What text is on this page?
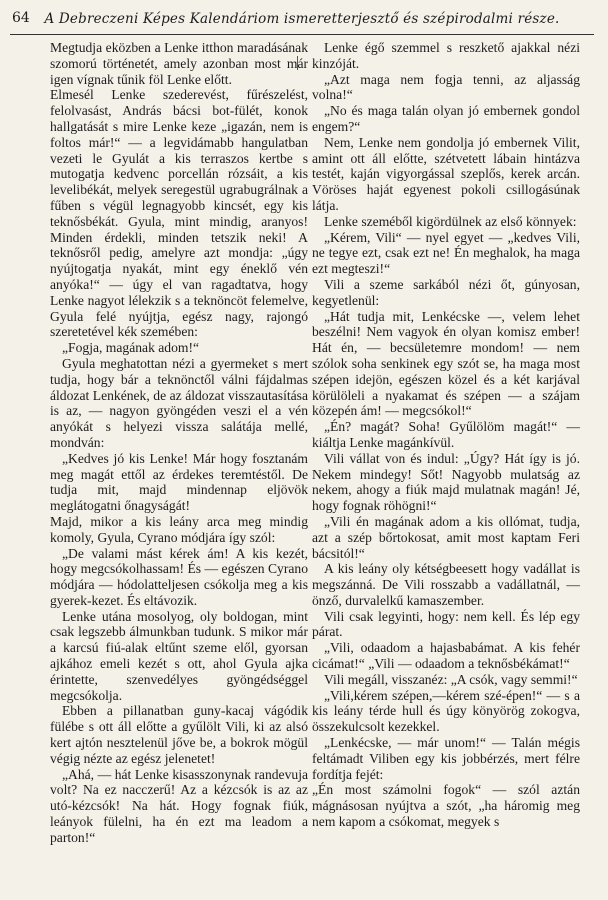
64	A Debreczeni Képes Kalendáriom ismeretterjesztő és szépirodalmi része.

Megtudja eközben a Lenke itthon maradásának szomorú történetét, amely azonban most már igen vígnak tűnik föl Lenke előtt.

Elmesél Lenke szederevést, fűrészelést, felolvasást, András bácsi bot-fülét, konok hallgatását s mire Lenke keze „igazán, nem is foltos már!“ — a legvidámabb hangulatban vezeti le Gyulát a kis terraszos kertbe s mutogatja kedvenc porcellán rózsáit, a kis levelibékát, melyek seregestül ugrabugrálnak a fűben s végül legnagyobb kincsét, egy kis teknősbékát. Gyula, mint mindig, aranyos! Minden érdekli, minden tetszik neki! A teknősről pedig, amelyre azt mondja: „úgy nyújtogatja nyakát, mint egy éneklő vén anyóka!“ — úgy el van ragadtatva, hogy Lenke nagyot lélekzik s a teknöncöt felemelve, Gyula felé nyújtja, egész nagy, rajongó szeretetével kék szemében:

„Fogja, magának adom!“

Gyula meghatottan nézi a gyermeket s mert tudja, hogy bár a teknönctől válni fájdalmas áldozat Lenkének, de az áldozat visszautasítása is az, — nagyon gyöngéden veszi el a vén anyókát s helyezi vissza salátája mellé, mondván:

„Kedves jó kis Lenke! Már hogy fosztanám meg magát ettől az érdekes teremtéstől. De tudja mit, majd mindennap eljövök meglátogatni őnagyságát!

Majd, mikor a kis leány arca meg mindig komoly, Gyula, Cyrano módjára így szól:

„De valami mást kérek ám! A kis kezét, hogy megcsókolhassam! És — egészen Cyrano módjára — hódolatteljesen csókolja meg a kis gyerek-kezet. És eltávozik.

Lenke utána mosolyog, oly boldogan, mint csak legszebb álmunkban tudunk. S mikor már a karcsú fiú-alak eltűnt szeme elől, gyorsan ajkához emeli kezét s ott, ahol Gyula ajka érintette, szenvedélyes gyöngédséggel megcsókolja.

Ebben a pillanatban guny-kacaj vágódik fülébe s ott áll előtte a gyűlölt Vili, ki az alsó kert ajtón nesztelenül jőve be, a bokrok mögül végig nézte az egész jelenetet!

„Ahá, — hát Lenke kisasszonynak randevuja volt? Na ez nacczerű! Az a kézcsók is az az utó-kézcsók! Na hát. Hogy fognak fiúk, leányok fülelni, ha én ezt ma leadom a parton!“

Lenke égő szemmel s reszkető ajakkal nézi kinzóját.

„Azt maga nem fogja tenni, az aljasság volna!“

„No és maga talán olyan jó embernek gondol engem?“

Nem, Lenke nem gondolja jó embernek Vilit, amint ott áll előtte, szétvetett lábain hintázva testét, kaján vigyorgással szeplős, kerek arcán. Vöröses haját egyenest pokoli csillogásúnak látja.

Lenke szeméből kigördülnek az első könnyek:

„Kérem, Vili“ — nyel egyet — „kedves Vili, ne tegye ezt, csak ezt ne! Én meghalok, ha maga ezt megteszi!“

Vili a szeme sarkából nézi őt, gúnyosan, kegyetlenül:

„Hát tudja mit, Lenkécske —, velem lehet beszélni! Nem vagyok én olyan komisz ember! Hát én, — becsületemre mondom! — nem szólok soha senkinek egy szót se, ha maga most szépen idejön, egészen közel és a két karjával körülöleli a nyakamat és szépen — a szájam közepén ám! — megcsókol!“

„Én? magát? Soha! Gyűlölöm magát!“ — kiáltja Lenke magánkívül.

Vili vállat von és indul: „Úgy? Hát így is jó. Nekem mindegy! Sőt! Nagyobb mulatság az nekem, ahogy a fiúk majd mulatnak magán! Jé, hogy fognak röhögni!“

„Vili én magának adom a kis ollómat, tudja, azt a szép bőrtokosat, amit most kaptam Feri bácsitól!“

A kis leány oly kétségbeesett hogy vadállat is megszánná. De Vili rosszabb a vadállatnál, — önző, durvalelkű kamaszember.

Vili csak legyinti, hogy: nem kell. És lép egy párat.

„Vili, odaadom a hajasbabámat. A kis fehér cicámat!“ „Vili — odaadom a teknősbékámat!“

Vili megáll, visszanéz: „A csók, vagy semmi!“

„Vili,kérem szépen,—kérem szé-épen!“ — s a kis leány térde hull és úgy könyörög zokogva, összekulcsolt kezekkel.

„Lenkécske, — már unom!“ — Talán mégis feltámadt Viliben egy kis jobbérzés, mert félre fordítja fejét:

„Én most számolni fogok“ — szól aztán mágnásosan nyújtva a szót, „ha háromig meg nem kapom a csókomat, megyek s
